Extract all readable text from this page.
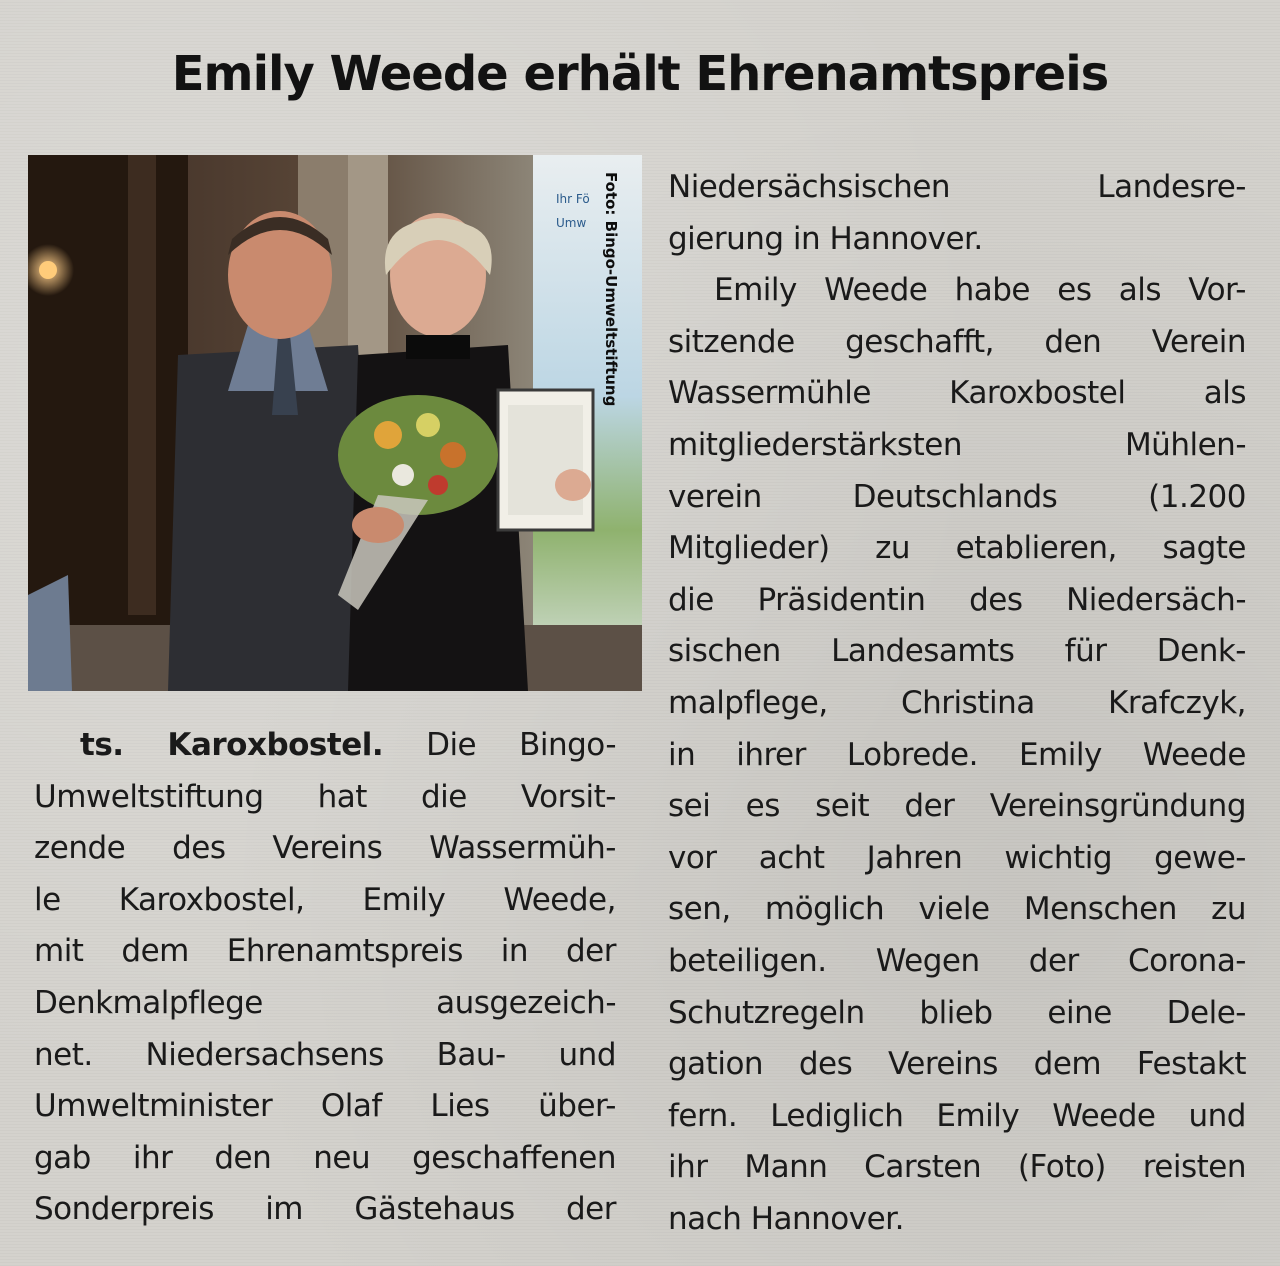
Emily Weede erhält Ehrenamtspreis
Ihr Fö
Umw Foto: Bingo-Umweltstiftung
ts. Karoxbostel. Die Bingo-
Umweltstiftung hat die Vorsit-
zende des Vereins Wassermüh-
le Karoxbostel, Emily Weede,
mit dem Ehrenamtspreis in der
Denkmalpflege ausgezeich-
net. Niedersachsens Bau- und
Umweltminister Olaf Lies über-
gab ihr den neu geschaffenen
Sonderpreis im Gästehaus der
Niedersächsischen Landesre-
gierung in Hannover.
Emily Weede habe es als Vor-
sitzende geschafft, den Verein
Wassermühle Karoxbostel als
mitgliederstärksten Mühlen-
verein Deutschlands (1.200
Mitglieder) zu etablieren, sagte
die Präsidentin des Niedersäch-
sischen Landesamts für Denk-
malpflege, Christina Krafczyk,
in ihrer Lobrede. Emily Weede
sei es seit der Vereinsgründung
vor acht Jahren wichtig gewe-
sen, möglich viele Menschen zu
beteiligen. Wegen der Corona-
Schutzregeln blieb eine Dele-
gation des Vereins dem Festakt
fern. Lediglich Emily Weede und
ihr Mann Carsten (Foto) reisten
nach Hannover.
